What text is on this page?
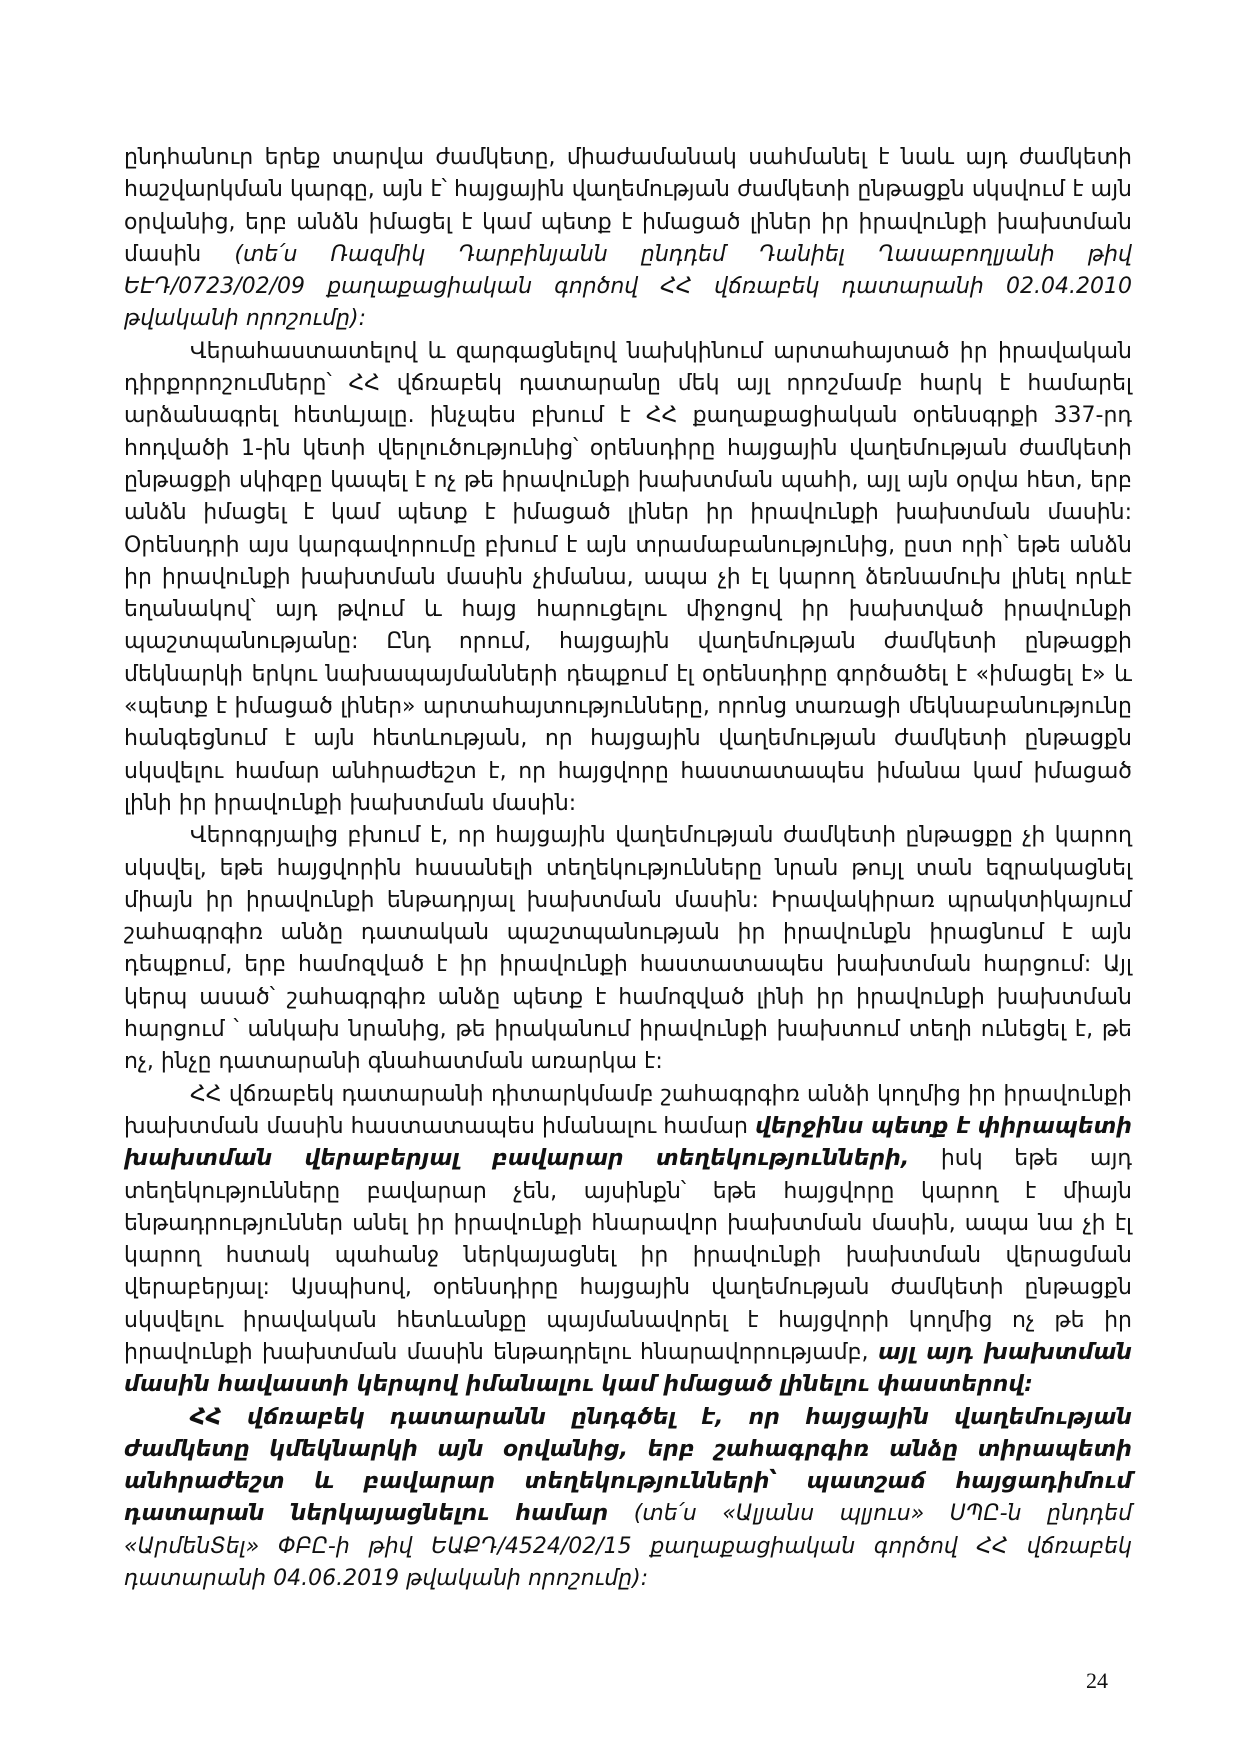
ընդհանուր երեք տարվա ժամկետը, միաժամանակ սահմանել է նաև այդ ժամկետի հաշվարկման կարգը, այն է՝ հայցային վաղեմության ժամկետի ընթացքն սկսվում է այն օրվանից, երբ անձն իմացել է կամ պետք է իմացած լիներ իր իրավունքի խախտման մասին (տե՛ս Ռազմիկ Դարբինյանն ընդդեմ Դանիել Ղասաբողլյանի թիվ ԵԷԴ/0723/02/09 քաղաքացիական գործով ՀՀ վճռաբեկ դատարանի 02.04.2010 թվականի որոշումը):

Վերահաստատելով և զարգացնելով նախկինում արտահայտած իր իրավական դիրքորոշումները՝ ՀՀ վճռաբեկ դատարանը մեկ այլ որոշմամբ հարկ է համարել արձանագրել հետևյալը. ինչպես բխում է ՀՀ քաղաքացիական օրենսգրքի 337-րդ հոդվածի 1-ին կետի վերլուծությունից՝ օրենսդիրը հայցային վաղեմության ժամկետի ընթացքի սկիզբը կապել է ոչ թե իրավունքի խախտման պահի, այլ այն օրվա հետ, երբ անձն իմացել է կամ պետք է իմացած լիներ իր իրավունքի խախտման մասին: Օրենսդրի այս կարգավորումը բխում է այն տրամաբանությունից, ըստ որի՝ եթե անձն իր իրավունքի խախտման մասին չիմանա, ապա չի էլ կարող ձեռնամուխ լինել որևէ եղանակով՝ այդ թվում և հայց հարուցելու միջոցով իր խախտված իրավունքի պաշտպանությանը: Ընդ որում, հայցային վաղեմության ժամկետի ընթացքի մեկնարկի երկու նախապայմանների դեպքում էլ օրենսդիրը գործածել է «իմացել է» և «պետք է իմացած լիներ» արտահայտությունները, որոնց տառացի մեկնաբանությունը հանգեցնում է այն հետևության, որ հայցային վաղեմության ժամկետի ընթացքն սկսվելու համար անհրաժեշտ է, որ հայցվորը հաստատապես իմանա կամ իմացած լինի իր իրավունքի խախտման մասին:

Վերոգրյալից բխում է, որ հայցային վաղեմության ժամկետի ընթացքը չի կարող սկսվել, եթե հայցվորին հասանելի տեղեկությունները նրան թույլ տան եզրակացնել միայն իր իրավունքի ենթադրյալ խախտման մասին: Իրավակիրառ պրակտիկայում շահագրգիռ անձը դատական պաշտպանության իր իրավունքն իրացնում է այն դեպքում, երբ համոզված է իր իրավունքի հաստատապես խախտման հարցում: Այլ կերպ ասած՝ շահագրգիռ անձը պետք է համոզված լինի իր իրավունքի խախտման հարցում ՝ անկախ նրանից, թե իրականում իրավունքի խախտում տեղի ունեցել է, թե ոչ, ինչը դատարանի գնահատման առարկա է:

ՀՀ վճռաբեկ դատարանի դիտարկմամբ շահագրգիռ անձի կողմից իր իրավունքի խախտման մասին հաստատապես իմանալու համար վերջինս պետք է փիրապետի խախտման վերաբերյալ բավարար տեղեկությունների, իսկ եթե այդ տեղեկությունները բավարար չեն, այսինքն՝ եթե հայցվորը կարող է միայն ենթադրություններ անել իր իրավունքի հնարավոր խախտման մասին, ապա նա չի էլ կարող հստակ պահանջ ներկայացնել իր իրավունքի խախտման վերացման վերաբերյալ: Այսպիսով, օրենսդիրը հայցային վաղեմության ժամկետի ընթացքն սկսվելու իրավական հետևանքը պայմանավորել է հայցվորի կողմից ոչ թե իր իրավունքի խախտման մասին ենթադրելու հնարավորությամբ, այլ այդ խախտման մասին հավաստի կերպով իմանալու կամ իմացած լինելու փաստերով:

ՀՀ վճռաբեկ դատարանն ընդգծել է, որ հայցային վաղեմության ժամկետը կմեկնարկի այն օրվանից, երբ շահագրգիռ անձը տիրապետի անհրաժեշտ և բավարար տեղեկությունների՝ պատշաճ հայցադիմում դատարան ներկայացնելու համար (տե՛ս «Ալյանս պլյուս» ՍՊԸ-ն ընդդեմ «ԱրմենՏել» ՓԲԸ-ի թիվ ԵԱՔԴ/4524/02/15 քաղաքացիական գործով ՀՀ վճռաբեկ դատարանի 04.06.2019 թվականի որոշումը):

24
